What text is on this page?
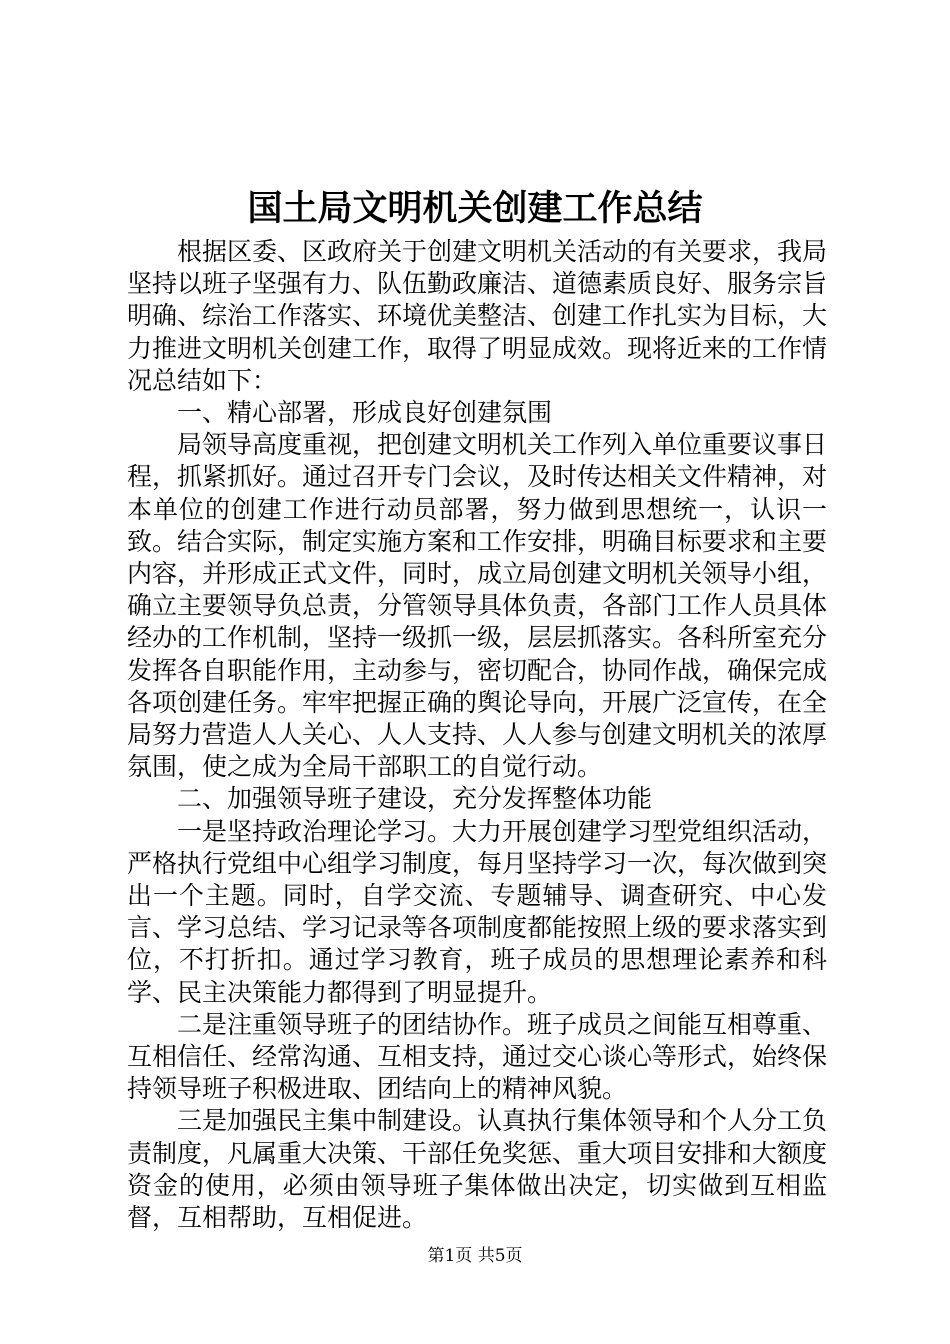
国土局文明机关创建工作总结

根据区委、区政府关于创建文明机关活动的有关要求，我局坚持以班子坚强有力、队伍勤政廉洁、道德素质良好、服务宗旨明确、综治工作落实、环境优美整洁、创建工作扎实为目标，大力推进文明机关创建工作，取得了明显成效。现将近来的工作情况总结如下：

一、精心部署，形成良好创建氛围

局领导高度重视，把创建文明机关工作列入单位重要议事日程，抓紧抓好。通过召开专门会议，及时传达相关文件精神，对本单位的创建工作进行动员部署，努力做到思想统一，认识一致。结合实际，制定实施方案和工作安排，明确目标要求和主要内容，并形成正式文件，同时，成立局创建文明机关领导小组，确立主要领导负总责，分管领导具体负责，各部门工作人员具体经办的工作机制，坚持一级抓一级，层层抓落实。各科所室充分发挥各自职能作用，主动参与，密切配合，协同作战，确保完成各项创建任务。牢牢把握正确的舆论导向，开展广泛宣传，在全局努力营造人人关心、人人支持、人人参与创建文明机关的浓厚氛围，使之成为全局干部职工的自觉行动。

二、加强领导班子建设，充分发挥整体功能

一是坚持政治理论学习。大力开展创建学习型党组织活动，严格执行党组中心组学习制度，每月坚持学习一次，每次做到突出一个主题。同时，自学交流、专题辅导、调查研究、中心发言、学习总结、学习记录等各项制度都能按照上级的要求落实到位，不打折扣。通过学习教育，班子成员的思想理论素养和科学、民主决策能力都得到了明显提升。

二是注重领导班子的团结协作。班子成员之间能互相尊重、互相信任、经常沟通、互相支持，通过交心谈心等形式，始终保持领导班子积极进取、团结向上的精神风貌。

三是加强民主集中制建设。认真执行集体领导和个人分工负责制度，凡属重大决策、干部任免奖惩、重大项目安排和大额度资金的使用，必须由领导班子集体做出决定，切实做到互相监督，互相帮助，互相促进。

第1页 共5页
